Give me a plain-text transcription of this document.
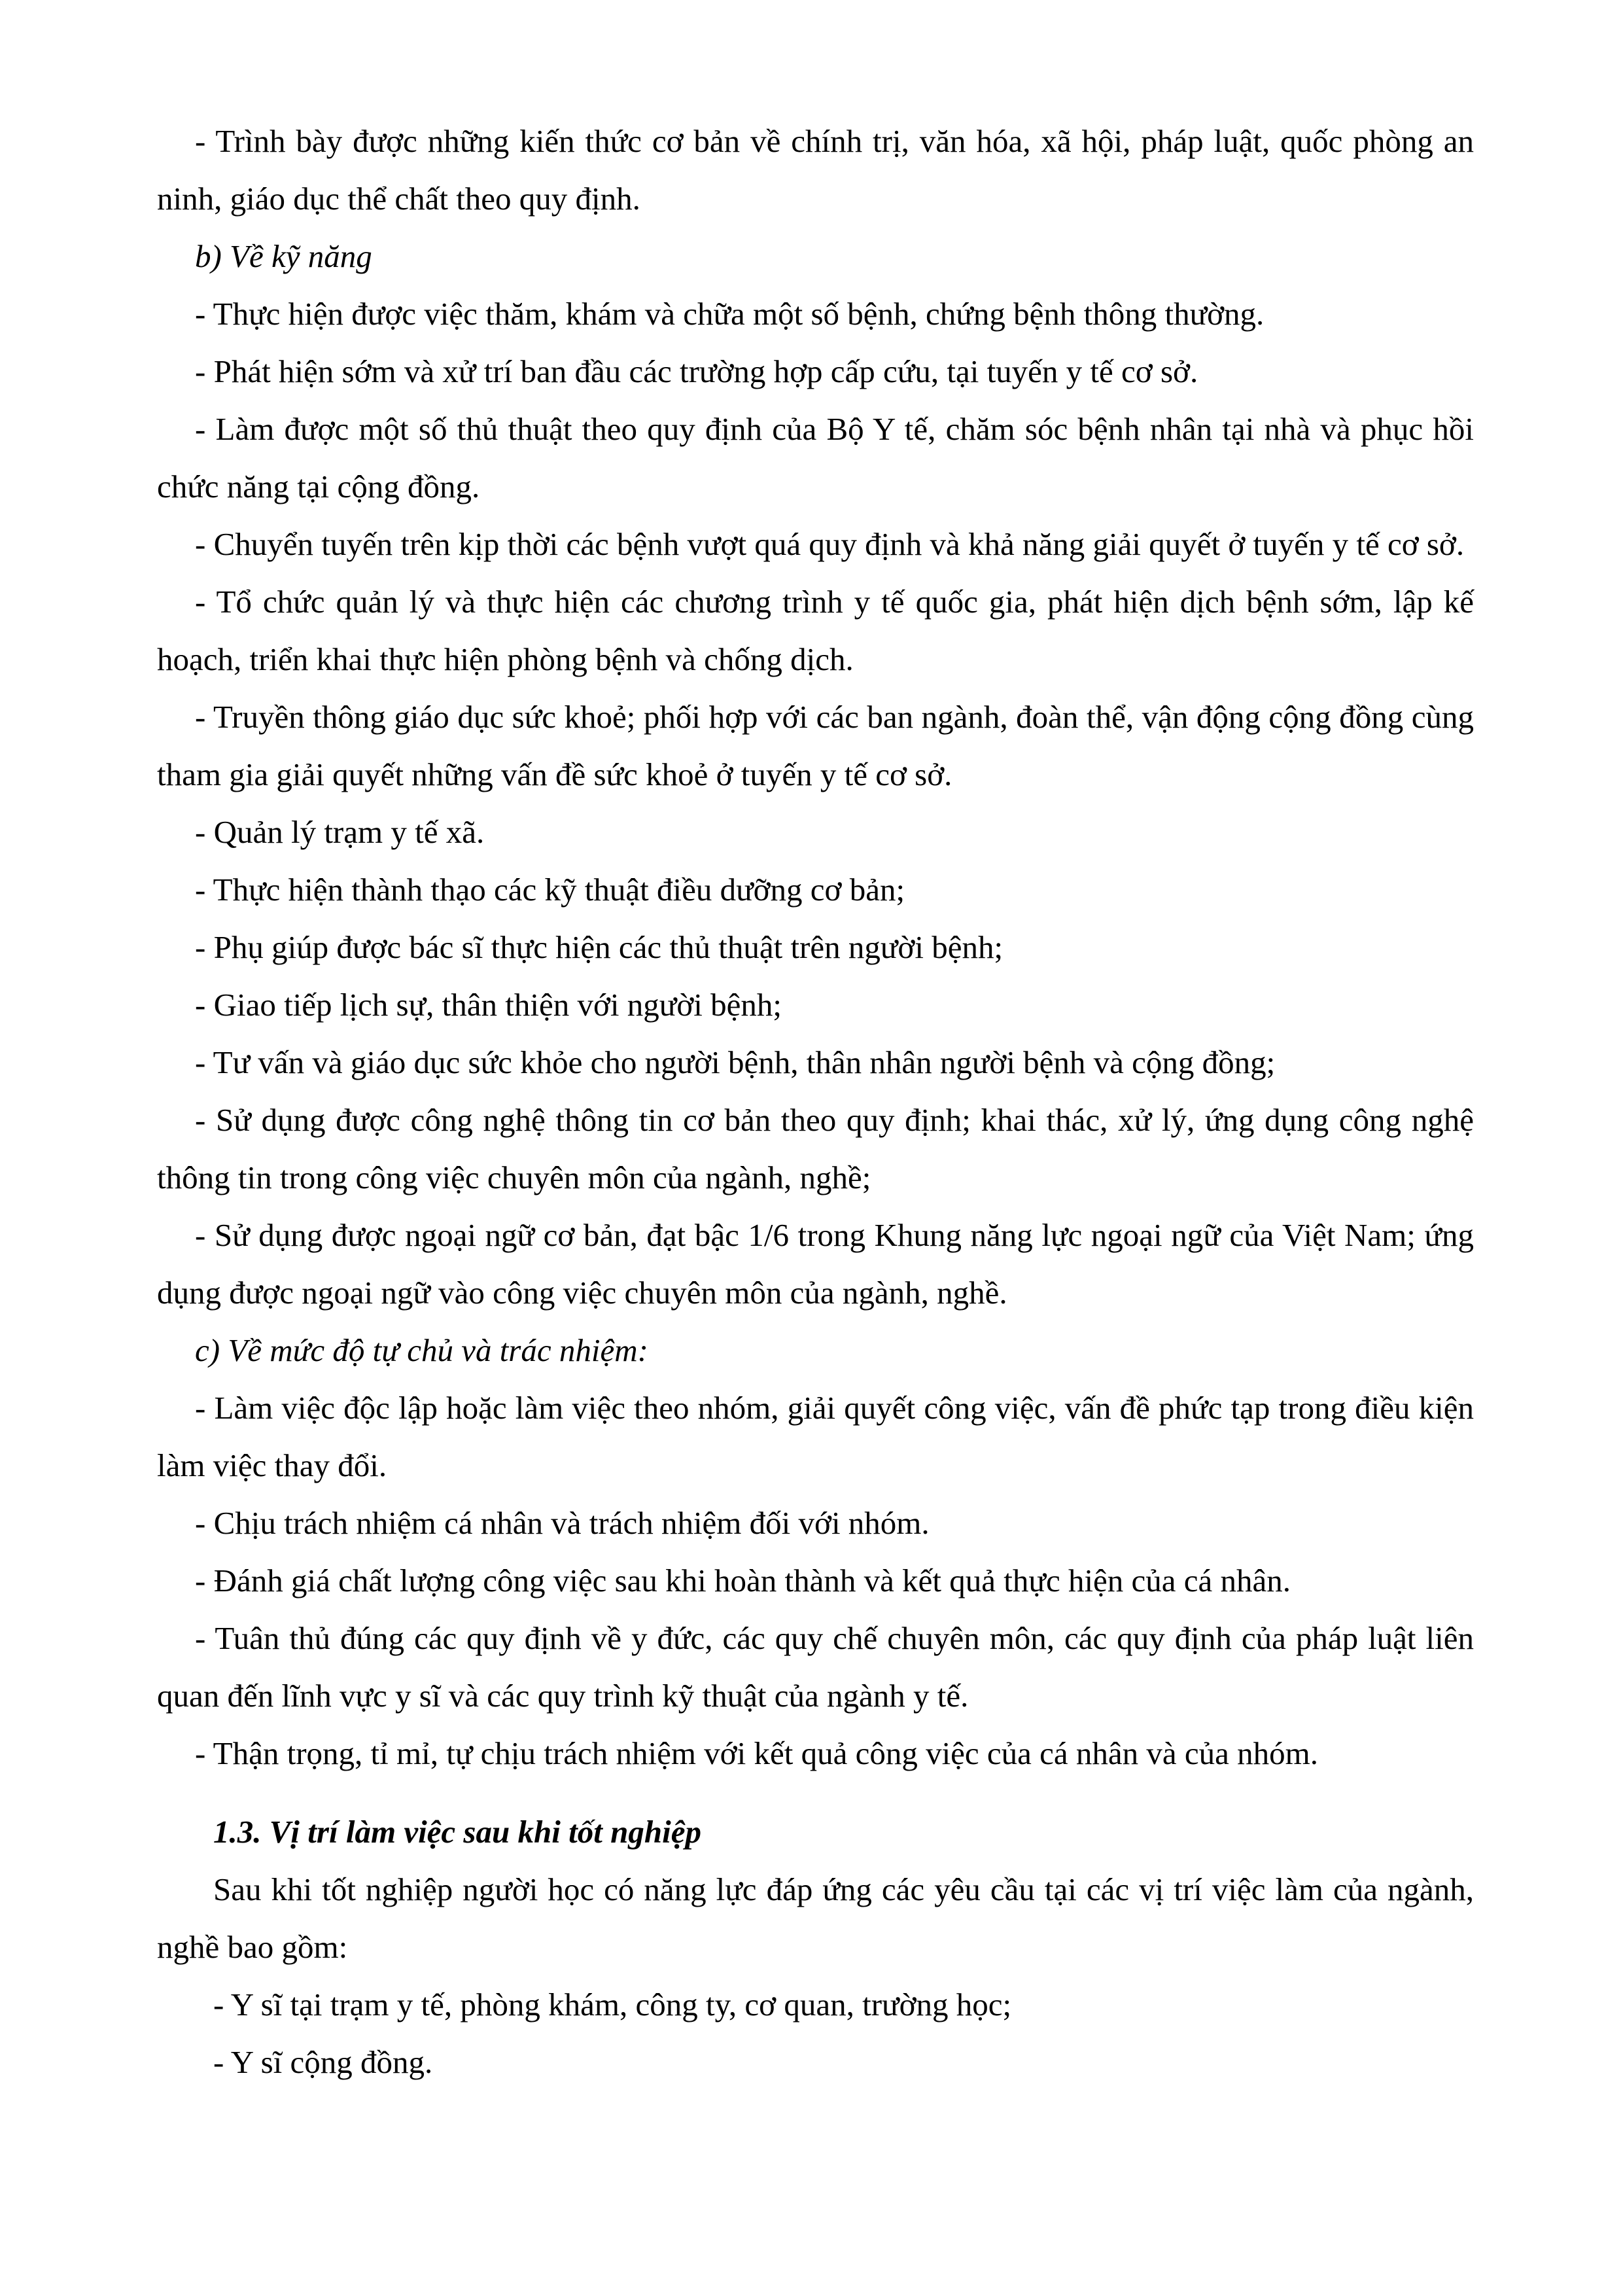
- Trình bày được những kiến thức cơ bản về chính trị, văn hóa, xã hội, pháp luật, quốc phòng an ninh, giáo dục thể chất theo quy định.

b) Về kỹ năng

- Thực hiện được việc thăm, khám và chữa một số bệnh, chứng bệnh thông thường.

- Phát hiện sớm và xử trí ban đầu các trường hợp cấp cứu, tại tuyến y tế cơ sở.

- Làm được một số thủ thuật theo quy định của Bộ Y tế, chăm sóc bệnh nhân tại nhà và phục hồi chức năng tại cộng đồng.

- Chuyển tuyến trên kịp thời các bệnh vượt quá quy định và khả năng giải quyết ở tuyến y tế cơ sở.

- Tổ chức quản lý và thực hiện các chương trình y tế quốc gia, phát hiện dịch bệnh sớm, lập kế hoạch, triển khai thực hiện phòng bệnh và chống dịch.

- Truyền thông giáo dục sức khoẻ; phối hợp với các ban ngành, đoàn thể, vận động cộng đồng cùng tham gia giải quyết những vấn đề sức khoẻ ở tuyến y tế cơ sở.

- Quản lý trạm y tế xã.

- Thực hiện thành thạo các kỹ thuật điều dưỡng cơ bản;

- Phụ giúp được bác sĩ thực hiện các thủ thuật trên người bệnh;

- Giao tiếp lịch sự, thân thiện với người bệnh;

- Tư vấn và giáo dục sức khỏe cho người bệnh, thân nhân người bệnh và cộng đồng;

- Sử dụng được công nghệ thông tin cơ bản theo quy định; khai thác, xử lý, ứng dụng công nghệ thông tin trong công việc chuyên môn của ngành, nghề;

- Sử dụng được ngoại ngữ cơ bản, đạt bậc 1/6 trong Khung năng lực ngoại ngữ của Việt Nam; ứng dụng được ngoại ngữ vào công việc chuyên môn của ngành, nghề.

c) Về mức độ tự chủ và trác nhiệm:

- Làm việc độc lập hoặc làm việc theo nhóm, giải quyết công việc, vấn đề phức tạp trong điều kiện làm việc thay đổi.

- Chịu trách nhiệm cá nhân và trách nhiệm đối với nhóm.

- Đánh giá chất lượng công việc sau khi hoàn thành và kết quả thực hiện của cá nhân.

- Tuân thủ đúng các quy định về y đức, các quy chế chuyên môn, các quy định của pháp luật liên quan đến lĩnh vực y sĩ và các quy trình kỹ thuật của ngành y tế.

- Thận trọng, tỉ mỉ, tự chịu trách nhiệm với kết quả công việc của cá nhân và của nhóm.

1.3. Vị trí làm việc sau khi tốt nghiệp

Sau khi tốt nghiệp người học có năng lực đáp ứng các yêu cầu tại các vị trí việc làm của ngành, nghề bao gồm:

- Y sĩ tại trạm y tế, phòng khám, công ty, cơ quan, trường học;

- Y sĩ cộng đồng.
